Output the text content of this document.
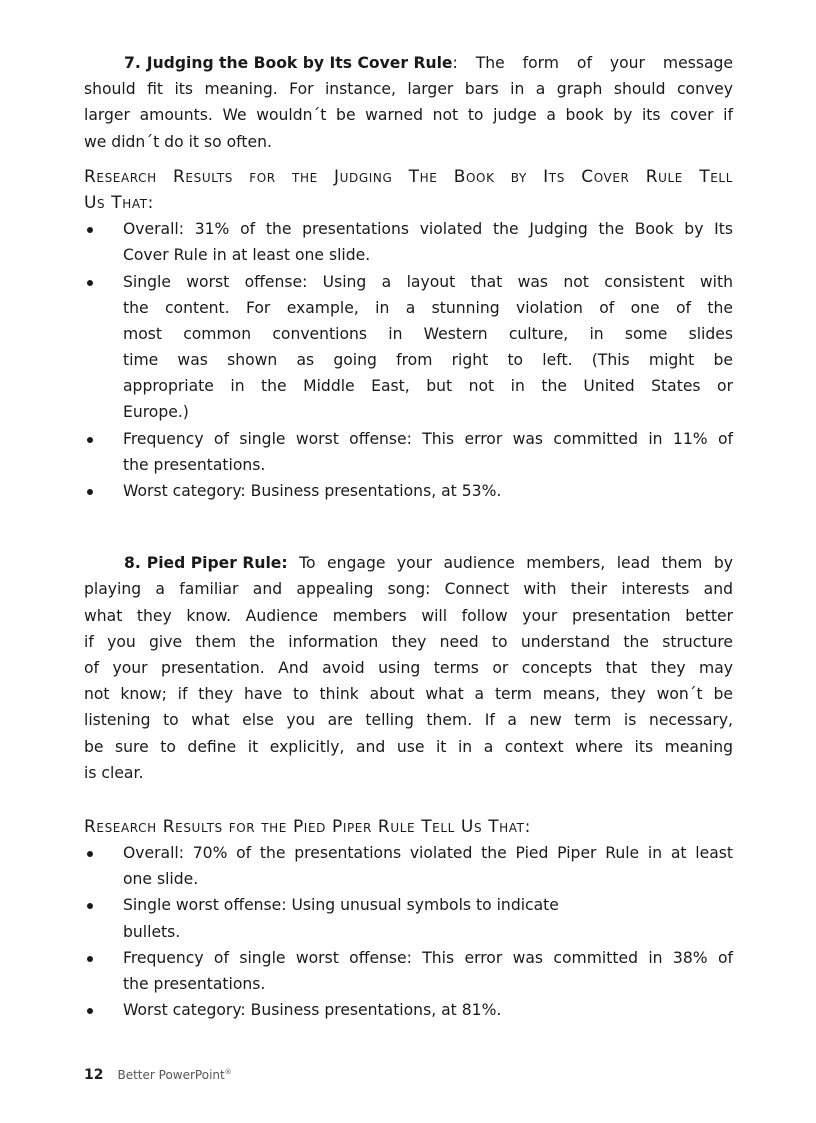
7. Judging the Book by Its Cover Rule : The form of your message
should fit its meaning. For instance, larger bars in a graph should convey
larger amounts. We wouldn´t be warned not to judge a book by its cover if
we didn´t do it so often.
Research Results for the Judging The Book by Its Cover Rule Tell
Us That:
Overall: 31% of the presentations violated the Judging the Book by Its
Cover Rule in at least one slide.
Single worst offense: Using a layout that was not consistent with
the content. For example, in a stunning violation of one of the
most common conventions in Western culture, in some slides
time was shown as going from right to left. (This might be
appropriate in the Middle East, but not in the United States or
Europe.)
Frequency of single worst offense: This error was committed in 11% of
the presentations.
Worst category: Business presentations, at 53%.
8. Pied Piper Rule: To engage your audience members, lead them by
playing a familiar and appealing song: Connect with their interests and
what they know. Audience members will follow your presentation better
if you give them the information they need to understand the structure
of your presentation. And avoid using terms or concepts that they may
not know; if they have to think about what a term means, they won´t be
listening to what else you are telling them. If a new term is necessary,
be sure to define it explicitly, and use it in a context where its meaning
is clear.
Research Results for the Pied Piper Rule Tell Us That:
Overall: 70% of the presentations violated the Pied Piper Rule in at least
one slide.
Single worst offense: Using unusual symbols to indicate
bullets.
Frequency of single worst offense: This error was committed in 38% of
the presentations.
Worst category: Business presentations, at 81%.
12 Better PowerPoint®
